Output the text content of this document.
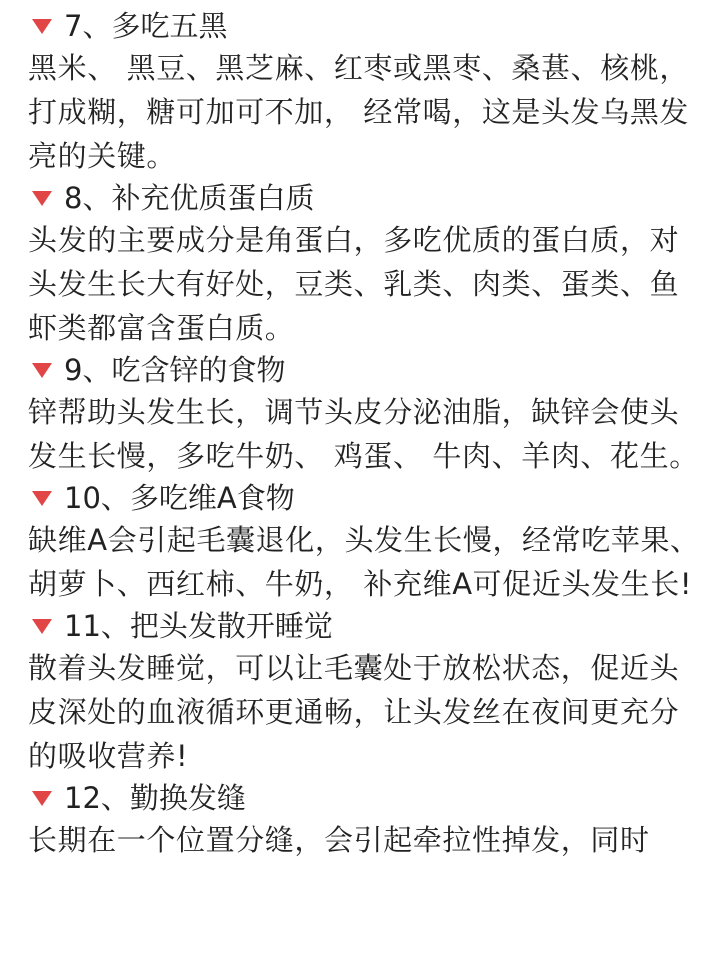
7、多吃五黑

黑米、 黑豆、黑芝麻、红枣或黑枣、桑葚、核桃， 打成糊，糖可加可不加， 经常喝，这是头发乌黑发亮的关键。

8、补充优质蛋白质

头发的主要成分是角蛋白，多吃优质的蛋白质，对头发生长大有好处，豆类、乳类、肉类、蛋类、鱼虾类都富含蛋白质。

9、吃含锌的食物

锌帮助头发生长，调节头皮分泌油脂，缺锌会使头发生长慢，多吃牛奶、 鸡蛋、 牛肉、羊肉、花生。

10、多吃维A食物

缺维A会引起毛囊退化，头发生长慢，经常吃苹果、胡萝卜、西红柿、牛奶， 补充维A可促近头发生长!

11、把头发散开睡觉

散着头发睡觉，可以让毛囊处于放松状态，促近头皮深处的血液循环更通畅，让头发丝在夜间更充分的吸收营养!

12、勤换发缝

长期在一个位置分缝，会引起牵拉性掉发，同时
